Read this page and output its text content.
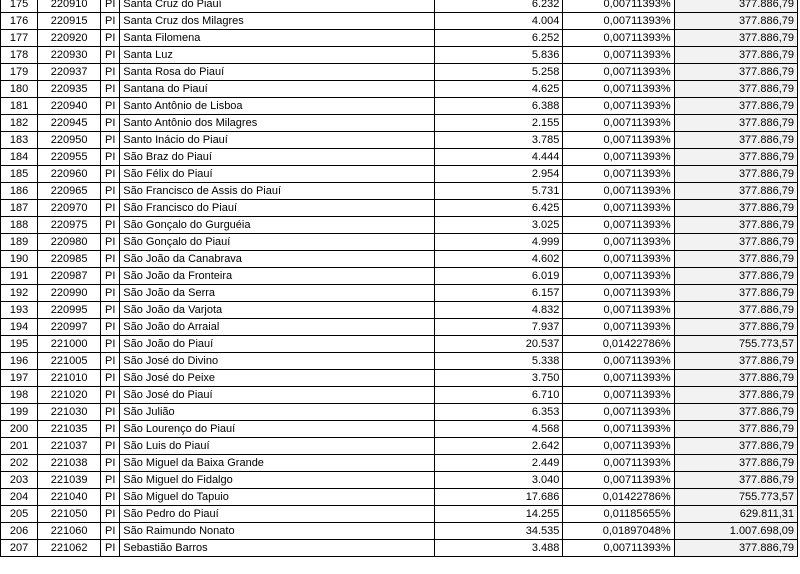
175	220910	PI	Santa Cruz do Piauí	6.232	0,00711393%	377.886,79
176	220915	PI	Santa Cruz dos Milagres	4.004	0,00711393%	377.886,79
177	220920	PI	Santa Filomena	6.252	0,00711393%	377.886,79
178	220930	PI	Santa Luz	5.836	0,00711393%	377.886,79
179	220937	PI	Santa Rosa do Piauí	5.258	0,00711393%	377.886,79
180	220935	PI	Santana do Piauí	4.625	0,00711393%	377.886,79
181	220940	PI	Santo Antônio de Lisboa	6.388	0,00711393%	377.886,79
182	220945	PI	Santo Antônio dos Milagres	2.155	0,00711393%	377.886,79
183	220950	PI	Santo Inácio do Piauí	3.785	0,00711393%	377.886,79
184	220955	PI	São Braz do Piauí	4.444	0,00711393%	377.886,79
185	220960	PI	São Félix do Piauí	2.954	0,00711393%	377.886,79
186	220965	PI	São Francisco de Assis do Piauí	5.731	0,00711393%	377.886,79
187	220970	PI	São Francisco do Piauí	6.425	0,00711393%	377.886,79
188	220975	PI	São Gonçalo do Gurguéia	3.025	0,00711393%	377.886,79
189	220980	PI	São Gonçalo do Piauí	4.999	0,00711393%	377.886,79
190	220985	PI	São João da Canabrava	4.602	0,00711393%	377.886,79
191	220987	PI	São João da Fronteira	6.019	0,00711393%	377.886,79
192	220990	PI	São João da Serra	6.157	0,00711393%	377.886,79
193	220995	PI	São João da Varjota	4.832	0,00711393%	377.886,79
194	220997	PI	São João do Arraial	7.937	0,00711393%	377.886,79
195	221000	PI	São João do Piauí	20.537	0,01422786%	755.773,57
196	221005	PI	São José do Divino	5.338	0,00711393%	377.886,79
197	221010	PI	São José do Peixe	3.750	0,00711393%	377.886,79
198	221020	PI	São José do Piauí	6.710	0,00711393%	377.886,79
199	221030	PI	São Julião	6.353	0,00711393%	377.886,79
200	221035	PI	São Lourenço do Piauí	4.568	0,00711393%	377.886,79
201	221037	PI	São Luis do Piauí	2.642	0,00711393%	377.886,79
202	221038	PI	São Miguel da Baixa Grande	2.449	0,00711393%	377.886,79
203	221039	PI	São Miguel do Fidalgo	3.040	0,00711393%	377.886,79
204	221040	PI	São Miguel do Tapuio	17.686	0,01422786%	755.773,57
205	221050	PI	São Pedro do Piauí	14.255	0,01185655%	629.811,31
206	221060	PI	São Raimundo Nonato	34.535	0,01897048%	1.007.698,09
207	221062	PI	Sebastião Barros	3.488	0,00711393%	377.886,79
